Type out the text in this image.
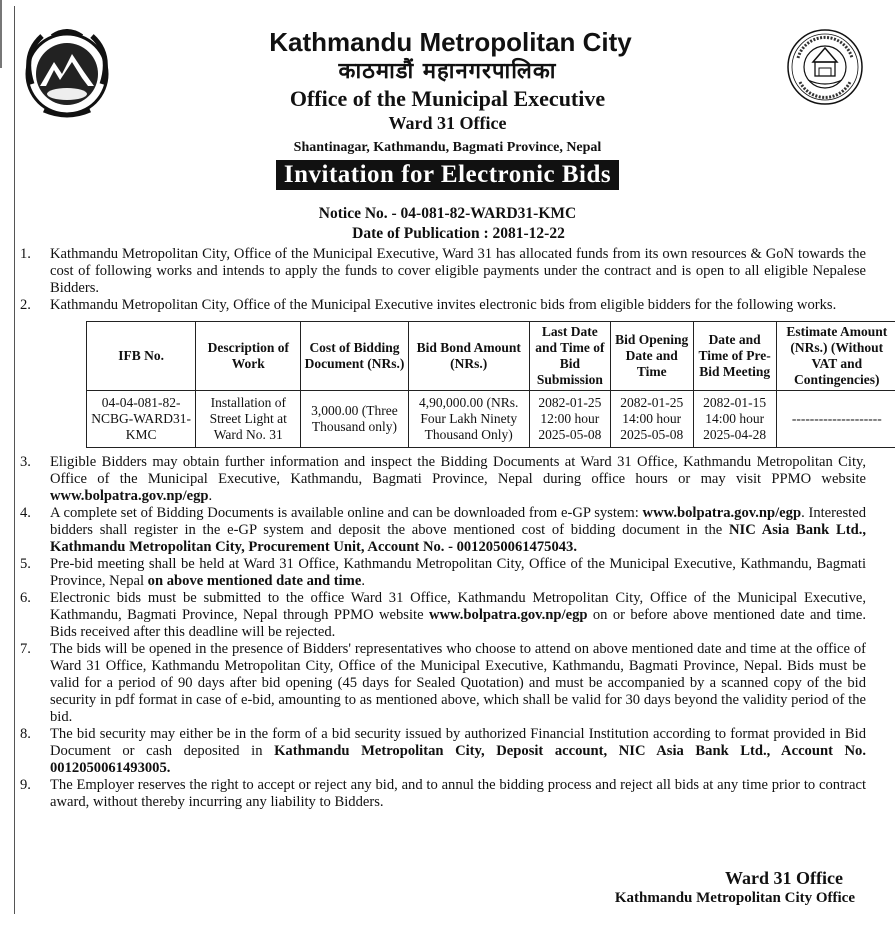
Kathmandu Metropolitan City
काठमाडौं महानगरपालिका
Office of the Municipal Executive
Ward 31 Office
Shantinagar, Kathmandu, Bagmati Province, Nepal
Invitation for Electronic Bids
Notice No. - 04-081-82-WARD31-KMC
Date of Publication : 2081-12-22
1. Kathmandu Metropolitan City, Office of the Municipal Executive, Ward 31 has allocated funds from its own resources & GoN towards the cost of following works and intends to apply the funds to cover eligible payments under the contract and is open to all eligible Nepalese Bidders.
2. Kathmandu Metropolitan City, Office of the Municipal Executive invites electronic bids from eligible bidders for the following works.
IFB No.	Description of Work	Cost of Bidding Document (NRs.)	Bid Bond Amount (NRs.)	Last Date and Time of Bid Submission	Bid Opening Date and Time	Date and Time of Pre-Bid Meeting	Estimate Amount (NRs.) (Without VAT and Contingencies)
04-04-081-82-NCBG-WARD31-KMC	Installation of Street Light at Ward No. 31	3,000.00 (Three Thousand only)	4,90,000.00 (NRs. Four Lakh Ninety Thousand Only)	2082-01-25 12:00 hour 2025-05-08	2082-01-25 14:00 hour 2025-05-08	2082-01-15 14:00 hour 2025-04-28	--------------------
3. Eligible Bidders may obtain further information and inspect the Bidding Documents at Ward 31 Office, Kathmandu Metropolitan City, Office of the Municipal Executive, Kathmandu, Bagmati Province, Nepal during office hours or may visit PPMO website www.bolpatra.gov.np/egp.
4. A complete set of Bidding Documents is available online and can be downloaded from e-GP system: www.bolpatra.gov.np/egp. Interested bidders shall register in the e-GP system and deposit the above mentioned cost of bidding document in the NIC Asia Bank Ltd., Kathmandu Metropolitan City, Procurement Unit, Account No. - 0012050061475043.
5. Pre-bid meeting shall be held at Ward 31 Office, Kathmandu Metropolitan City, Office of the Municipal Executive, Kathmandu, Bagmati Province, Nepal on above mentioned date and time.
6. Electronic bids must be submitted to the office Ward 31 Office, Kathmandu Metropolitan City, Office of the Municipal Executive, Kathmandu, Bagmati Province, Nepal through PPMO website www.bolpatra.gov.np/egp on or before above mentioned date and time. Bids received after this deadline will be rejected.
7. The bids will be opened in the presence of Bidders' representatives who choose to attend on above mentioned date and time at the office of Ward 31 Office, Kathmandu Metropolitan City, Office of the Municipal Executive, Kathmandu, Bagmati Province, Nepal. Bids must be valid for a period of 90 days after bid opening (45 days for Sealed Quotation) and must be accompanied by a scanned copy of the bid security in pdf format in case of e-bid, amounting to as mentioned above, which shall be valid for 30 days beyond the validity period of the bid.
8. The bid security may either be in the form of a bid security issued by authorized Financial Institution according to format provided in Bid Document or cash deposited in Kathmandu Metropolitan City, Deposit account, NIC Asia Bank Ltd., Account No. 0012050061493005.
9. The Employer reserves the right to accept or reject any bid, and to annul the bidding process and reject all bids at any time prior to contract award, without thereby incurring any liability to Bidders.
Ward 31 Office
Kathmandu Metropolitan City Office
